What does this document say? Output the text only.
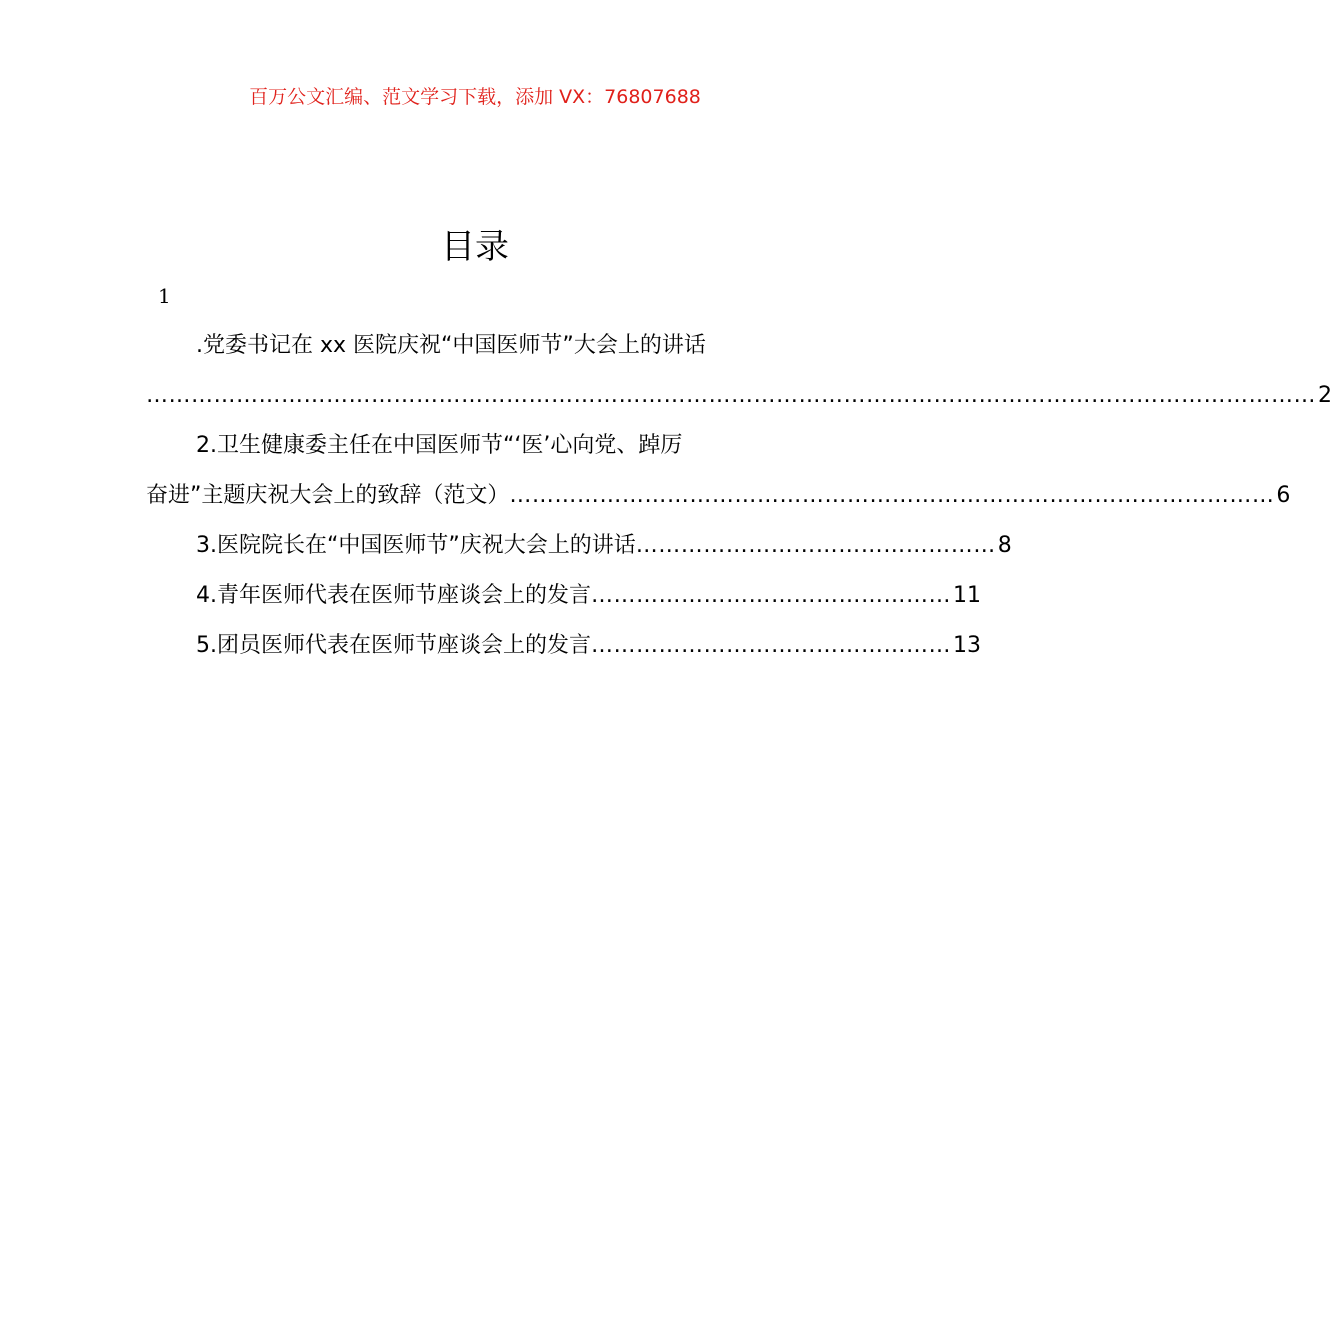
百万公文汇编、范文学习下载，添加 VX：76807688
目录
1
.党委书记在 xx 医院庆祝“中国医师节”大会上的讲话
………………………………………………………………………………………………………………………………………… 2
2.卫生健康委主任在中国医师节“‘医’心向党、踔厉
奋进”主题庆祝大会上的致辞（范文） ………………………………………………………………………………………… 6
3.医院院长在“中国医师节”庆祝大会上的讲话 ………………………………………… 8
4.青年医师代表在医师节座谈会上的发言 ………………………………………… 11
5.团员医师代表在医师节座谈会上的发言 ………………………………………… 13
